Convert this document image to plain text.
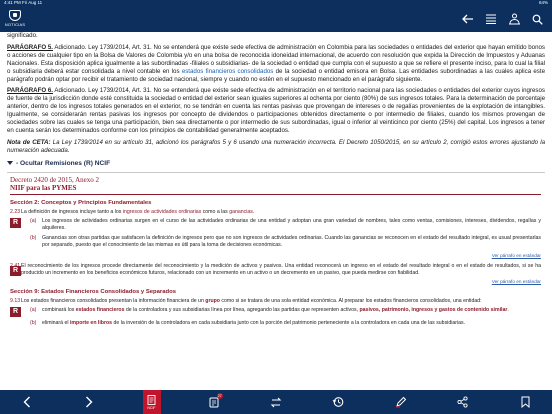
4:41 PM Fri Aug 11	64%
NOTICIAS
significado.
PARÁGRAFO 5. Adicionado. Ley 1739/2014, Art. 31. No se entenderá que existe sede efectiva de administración en Colombia para las sociedades o entidades del exterior que hayan emitido bonos o acciones de cualquier tipo en la Bolsa de Valores de Colombia y/o en una bolsa de reconocida idoneidad internacional, de acuerdo con resolución que expida la Dirección de Impuestos y Aduanas Nacionales. Esta disposición aplica igualmente a las subordinadas -filiales o subsidiarias- de la sociedad o entidad que cumpla con el supuesto a que se refiere el presente inciso, para lo cual la filial o subsidiaria deberá estar consolidada a nivel contable en los estados financieros consolidados de la sociedad o entidad emisora en Bolsa. Las entidades subordinadas a las cuales aplica este parágrafo podrán optar por recibir el tratamiento de sociedad nacional, siempre y cuando no estén en el supuesto mencionado en el parágrafo siguiente.
PARÁGRAFO 6. Adicionado. Ley 1739/2014, Art. 31. No se entenderá que existe sede efectiva de administración en el territorio nacional para las sociedades o entidades del exterior cuyos ingresos de fuente de la jurisdicción donde esté constituida la sociedad o entidad del exterior sean iguales superiores al ochenta por ciento (80%) de sus ingresos totales. Para la determinación de porcentaje anterior, dentro de los ingresos totales generados en el exterior, no se tendrán en cuenta las rentas pasivas que provengan de intereses o de regalías provenientes de la explotación de intangibles. Igualmente, se considerarán rentas pasivas los ingresos por concepto de dividendos o participaciones obtenidos directamente o por intermedio de filiales, cuando los mismos provengan de sociedades sobre las cuales se tenga una participación, bien sea directamente o por intermedio de sus subordinadas, igual o inferior al veinticinco por ciento (25%) del capital. Los ingresos a tener en cuenta serán los determinados conforme con los principios de contabilidad generalmente aceptados.
Nota de CETA: La Ley 1739/2014 en su artículo 31, adicionó los parágrafos 5 y 6 usando una numeración incorrecta. El Decreto 1050/2015, en su artículo 2, corrigió estos errores ajustando la numeración adecuada.
- Ocultar Remisiones (R) NCIF
Decreto 2420 de 2015, Anexo 2
NIIF para las PYMES
Sección 2: Conceptos y Principios Fundamentales
2.23 La definición de ingresos incluye tanto a los ingresos de actividades ordinarias como a las ganancias.
R	(a)	Los ingresos de actividades ordinarias surgen en el curso de las actividades ordinarias de una entidad y adoptan una gran variedad de nombres, tales como ventas, comisiones, intereses, dividendos, regalías y alquileres.
(b)	Ganancias son otras partidas que satisfacen la definición de ingresos pero que no son ingresos de actividades ordinarias. Cuando las ganancias se reconocen en el estado del resultado integral, es usual presentarlas por separado, puesto que el conocimiento de las mismas es útil para la toma de decisiones económicas.
Ver párrafo en estándar
El reconocimiento de los ingresos procede directamente del reconocimiento y la medición de activos y pasivos. Una entidad reconocerá un ingreso en el estado del resultado integral o en el estado de resultados, si se ha producido un incremento en los beneficios económicos futuros, relacionado con un incremento en un activo o un decremento en un pasivo, que pueda medirse con fiabilidad.
R
Ver párrafo en estándar
Sección 9: Estados Financieros Consolidados y Separados
9.13 Los estados financieros consolidados presentan la información financiera de un grupo como si se tratara de una sola entidad económica. Al preparar los estados financieros consolidados, una entidad:
R	(a)	combinará los estados financieros de la controladora y sus subsidiarias línea por línea, agregando las partidas que representen activos, pasivos, patrimonio, ingresos y gastos de contenido similar.
(b)	eliminará el importe en libros de la inversión de la controladora en cada subsidiaria junto con la porción del patrimonio perteneciente a la controladora en cada una de las subsidiarias.
NCIF
27
